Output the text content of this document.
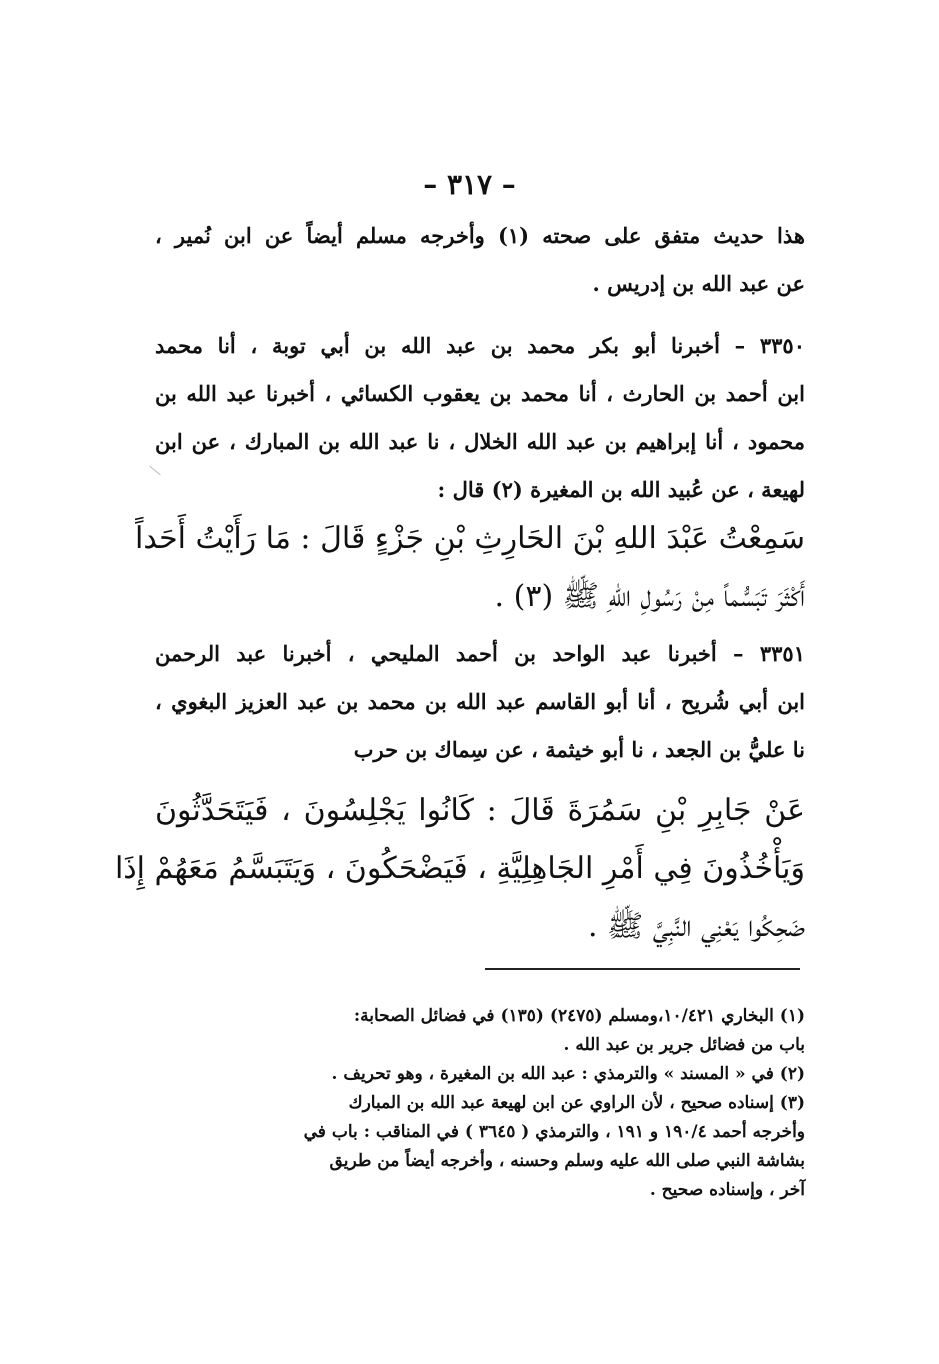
– ٣١٧ –
هذا حديث متفق على صحته (١) وأخرجه مسلم أيضاً عن ابن نُمير ،
عن عبد الله بن إدريس .
٣٣٥٠ – أخبرنا أبو بكر محمد بن عبد الله بن أبي توبة ، أنا محمد
ابن أحمد بن الحارث ، أنا محمد بن يعقوب الكسائي ، أخبرنا عبد الله بن
محمود ، أنا إبراهيم بن عبد الله الخلال ، نا عبد الله بن المبارك ، عن ابن
لهيعة ، عن عُبيد الله بن المغيرة (٢) قال :
سَمِعْتُ عَبْدَ اللهِ بْنَ الحَارِثِ بْنِ جَزْءٍ قَالَ : مَا رَأَيْتُ أَحَداً
أَكْثَرَ تَبَسُّماً مِنْ رَسُولِ اللهِ ﷺ (٣) .
٣٣٥١ – أخبرنا عبد الواحد بن أحمد المليحي ، أخبرنا عبد الرحمن
ابن أبي شُريح ، أنا أبو القاسم عبد الله بن محمد بن عبد العزيز البغوي ،
نا عليُّ بن الجعد ، نا أبو خيثمة ، عن سِماك بن حرب
عَنْ جَابِرِ بْنِ سَمُرَةَ قَالَ : كَانُوا يَجْلِسُونَ ، فَيَتَحَدَّثُونَ
وَيَأْخُذُونَ فِي أَمْرِ الجَاهِلِيَّةِ ، فَيَضْحَكُونَ ، وَيَتَبَسَّمُ مَعَهُمْ إِذَا
ضَحِكُوا يَعْنِي النَّبِيَّ ﷺ .
(١) البخاري ١٠/٤٢١،ومسلم (٢٤٧٥) (١٣٥) في فضائل الصحابة:
باب من فضائل جرير بن عبد الله .
(٢) في « المسند » والترمذي : عبد الله بن المغيرة ، وهو تحريف .
(٣) إسناده صحيح ، لأن الراوي عن ابن لهيعة عبد الله بن المبارك
وأخرجه أحمد ١٩٠/٤ و ١٩١ ، والترمذي ( ٣٦٤٥ ) في المناقب : باب في
بشاشة النبي صلى الله عليه وسلم وحسنه ، وأخرجه أيضاً من طريق
آخر ، وإسناده صحيح .
